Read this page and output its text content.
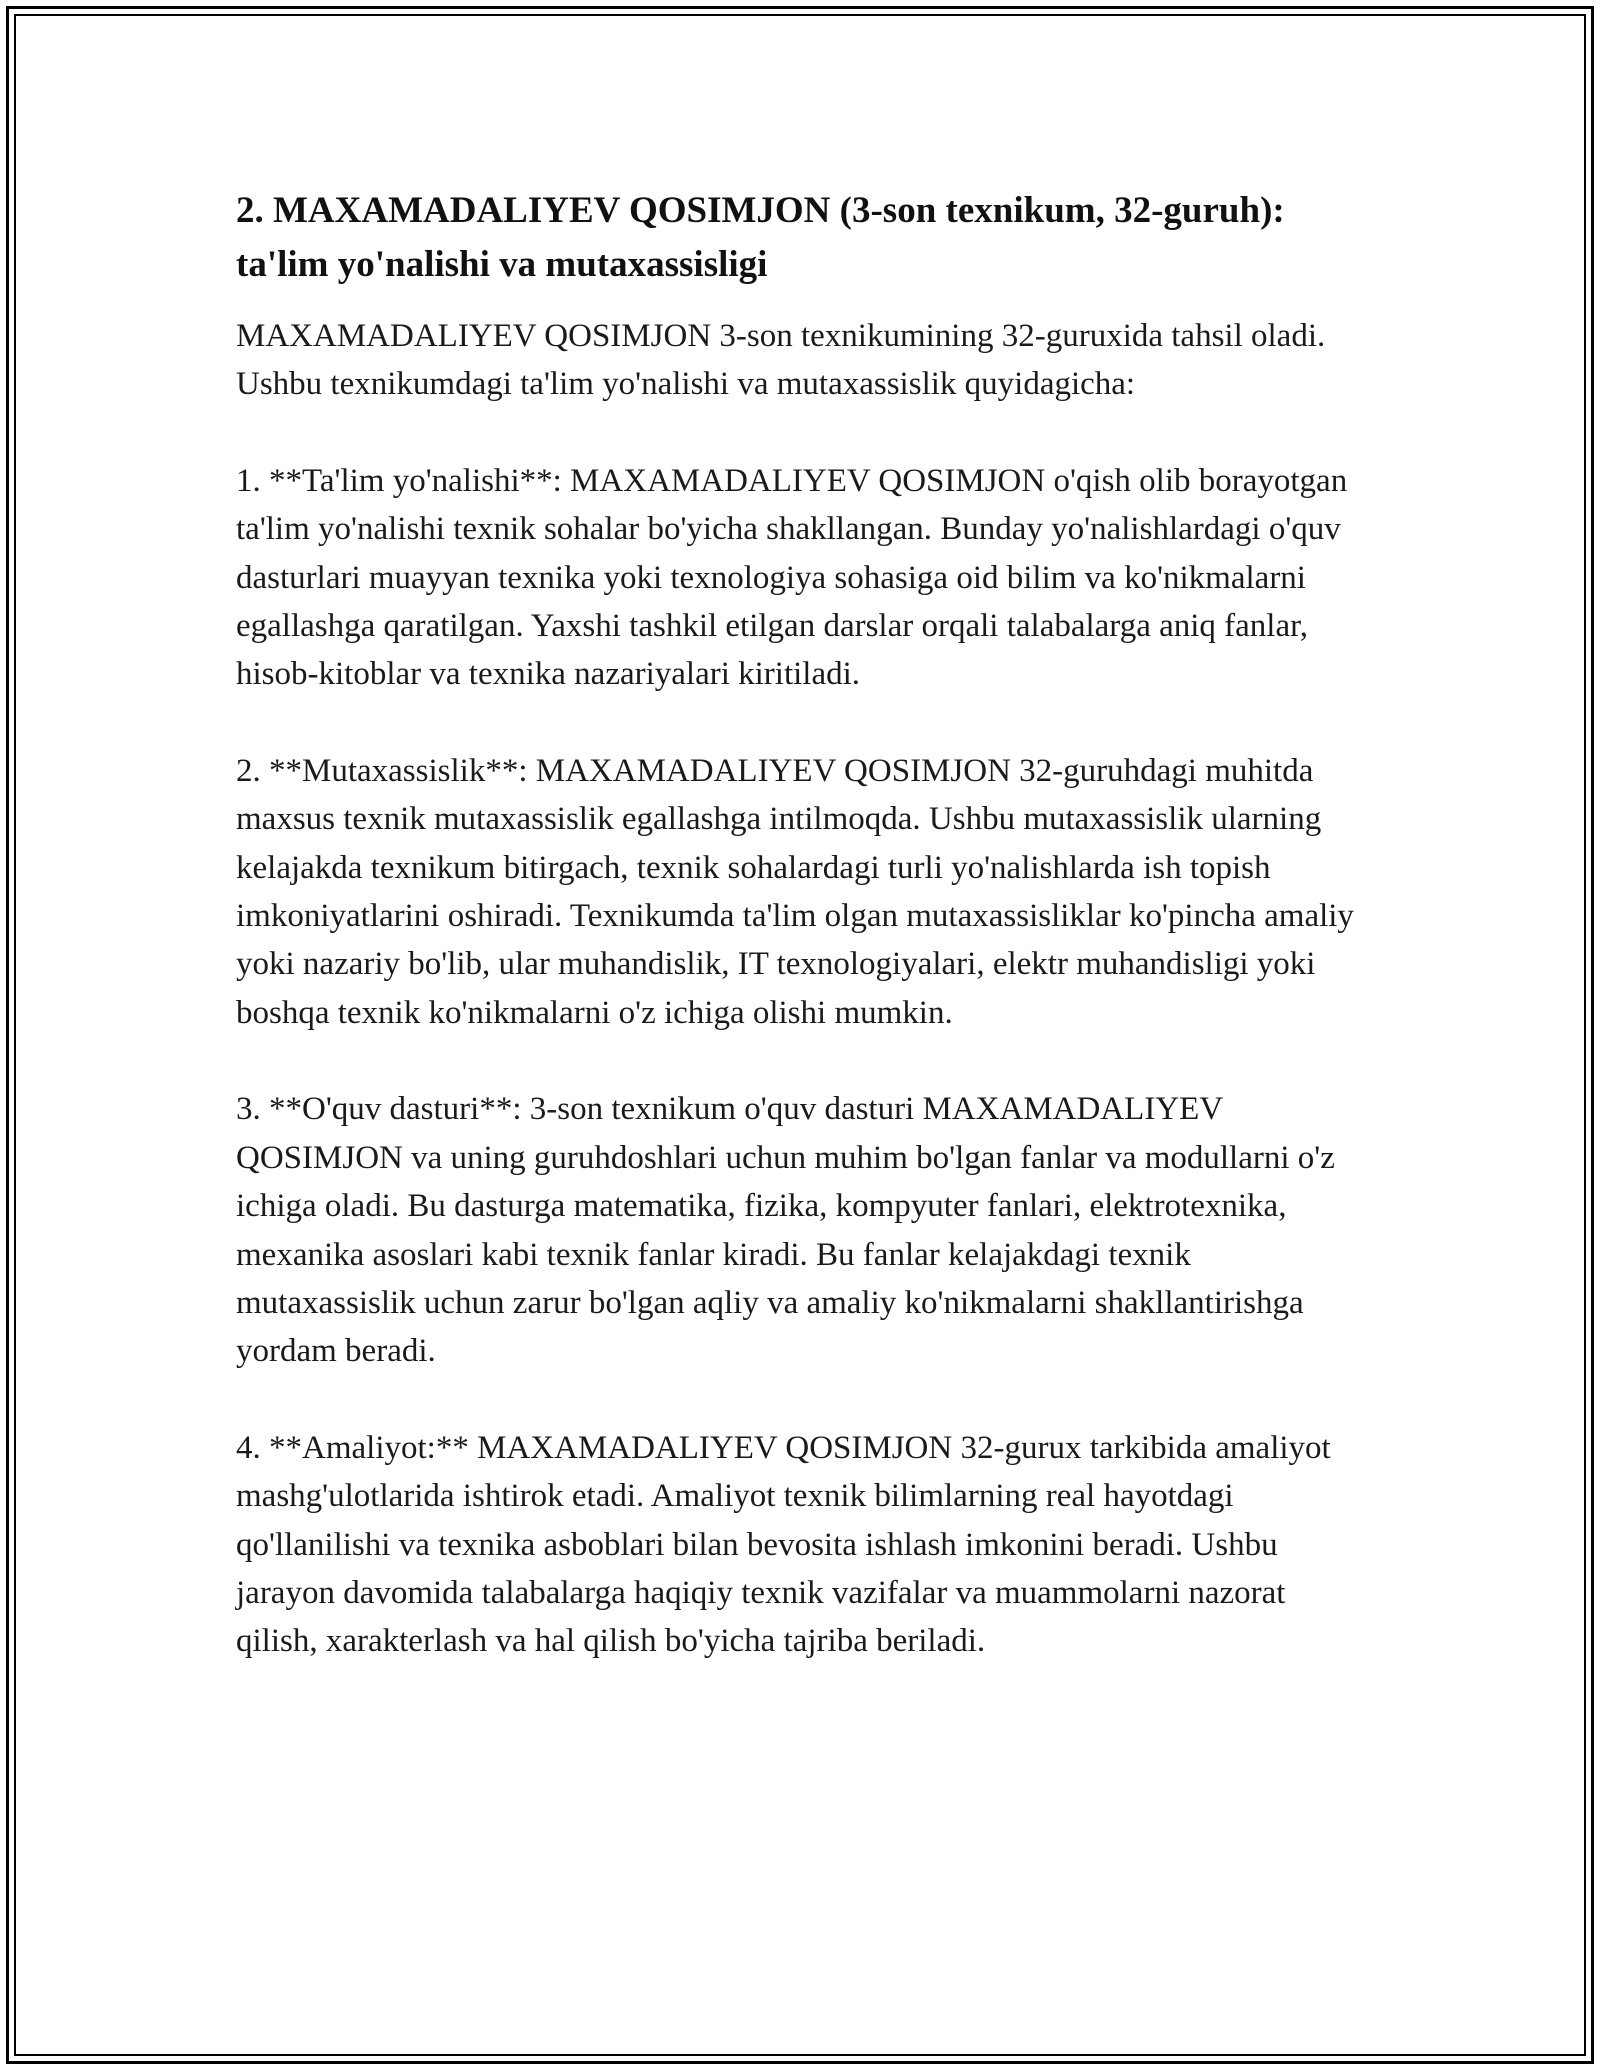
2. MAXAMADALIYEV QOSIMJON (3-son texnikum, 32-guruh): ta'lim yo'nalishi va mutaxassisligi

MAXAMADALIYEV QOSIMJON 3-son texnikumining 32-guruxida tahsil oladi. Ushbu texnikumdagi ta'lim yo'nalishi va mutaxassislik quyidagicha:

1. **Ta'lim yo'nalishi**: MAXAMADALIYEV QOSIMJON o'qish olib borayotgan ta'lim yo'nalishi texnik sohalar bo'yicha shakllangan. Bunday yo'nalishlardagi o'quv dasturlari muayyan texnika yoki texnologiya sohasiga oid bilim va ko'nikmalarni egallashga qaratilgan. Yaxshi tashkil etilgan darslar orqali talabalarga aniq fanlar, hisob-kitoblar va texnika nazariyalari kiritiladi.

2. **Mutaxassislik**: MAXAMADALIYEV QOSIMJON 32-guruhdagi muhitda maxsus texnik mutaxassislik egallashga intilmoqda. Ushbu mutaxassislik ularning kelajakda texnikum bitirgach, texnik sohalardagi turli yo'nalishlarda ish topish imkoniyatlarini oshiradi. Texnikumda ta'lim olgan mutaxassisliklar ko'pincha amaliy yoki nazariy bo'lib, ular muhandislik, IT texnologiyalari, elektr muhandisligi yoki boshqa texnik ko'nikmalarni o'z ichiga olishi mumkin.

3. **O'quv dasturi**: 3-son texnikum o'quv dasturi MAXAMADALIYEV QOSIMJON va uning guruhdoshlari uchun muhim bo'lgan fanlar va modullarni o'z ichiga oladi. Bu dasturga matematika, fizika, kompyuter fanlari, elektrotexnika, mexanika asoslari kabi texnik fanlar kiradi. Bu fanlar kelajakdagi texnik mutaxassislik uchun zarur bo'lgan aqliy va amaliy ko'nikmalarni shakllantirishga yordam beradi.

4. **Amaliyot:** MAXAMADALIYEV QOSIMJON 32-gurux tarkibida amaliyot mashg'ulotlarida ishtirok etadi. Amaliyot texnik bilimlarning real hayotdagi qo'llanilishi va texnika asboblari bilan bevosita ishlash imkonini beradi. Ushbu jarayon davomida talabalarga haqiqiy texnik vazifalar va muammolarni nazorat qilish, xarakterlash va hal qilish bo'yicha tajriba beriladi.
